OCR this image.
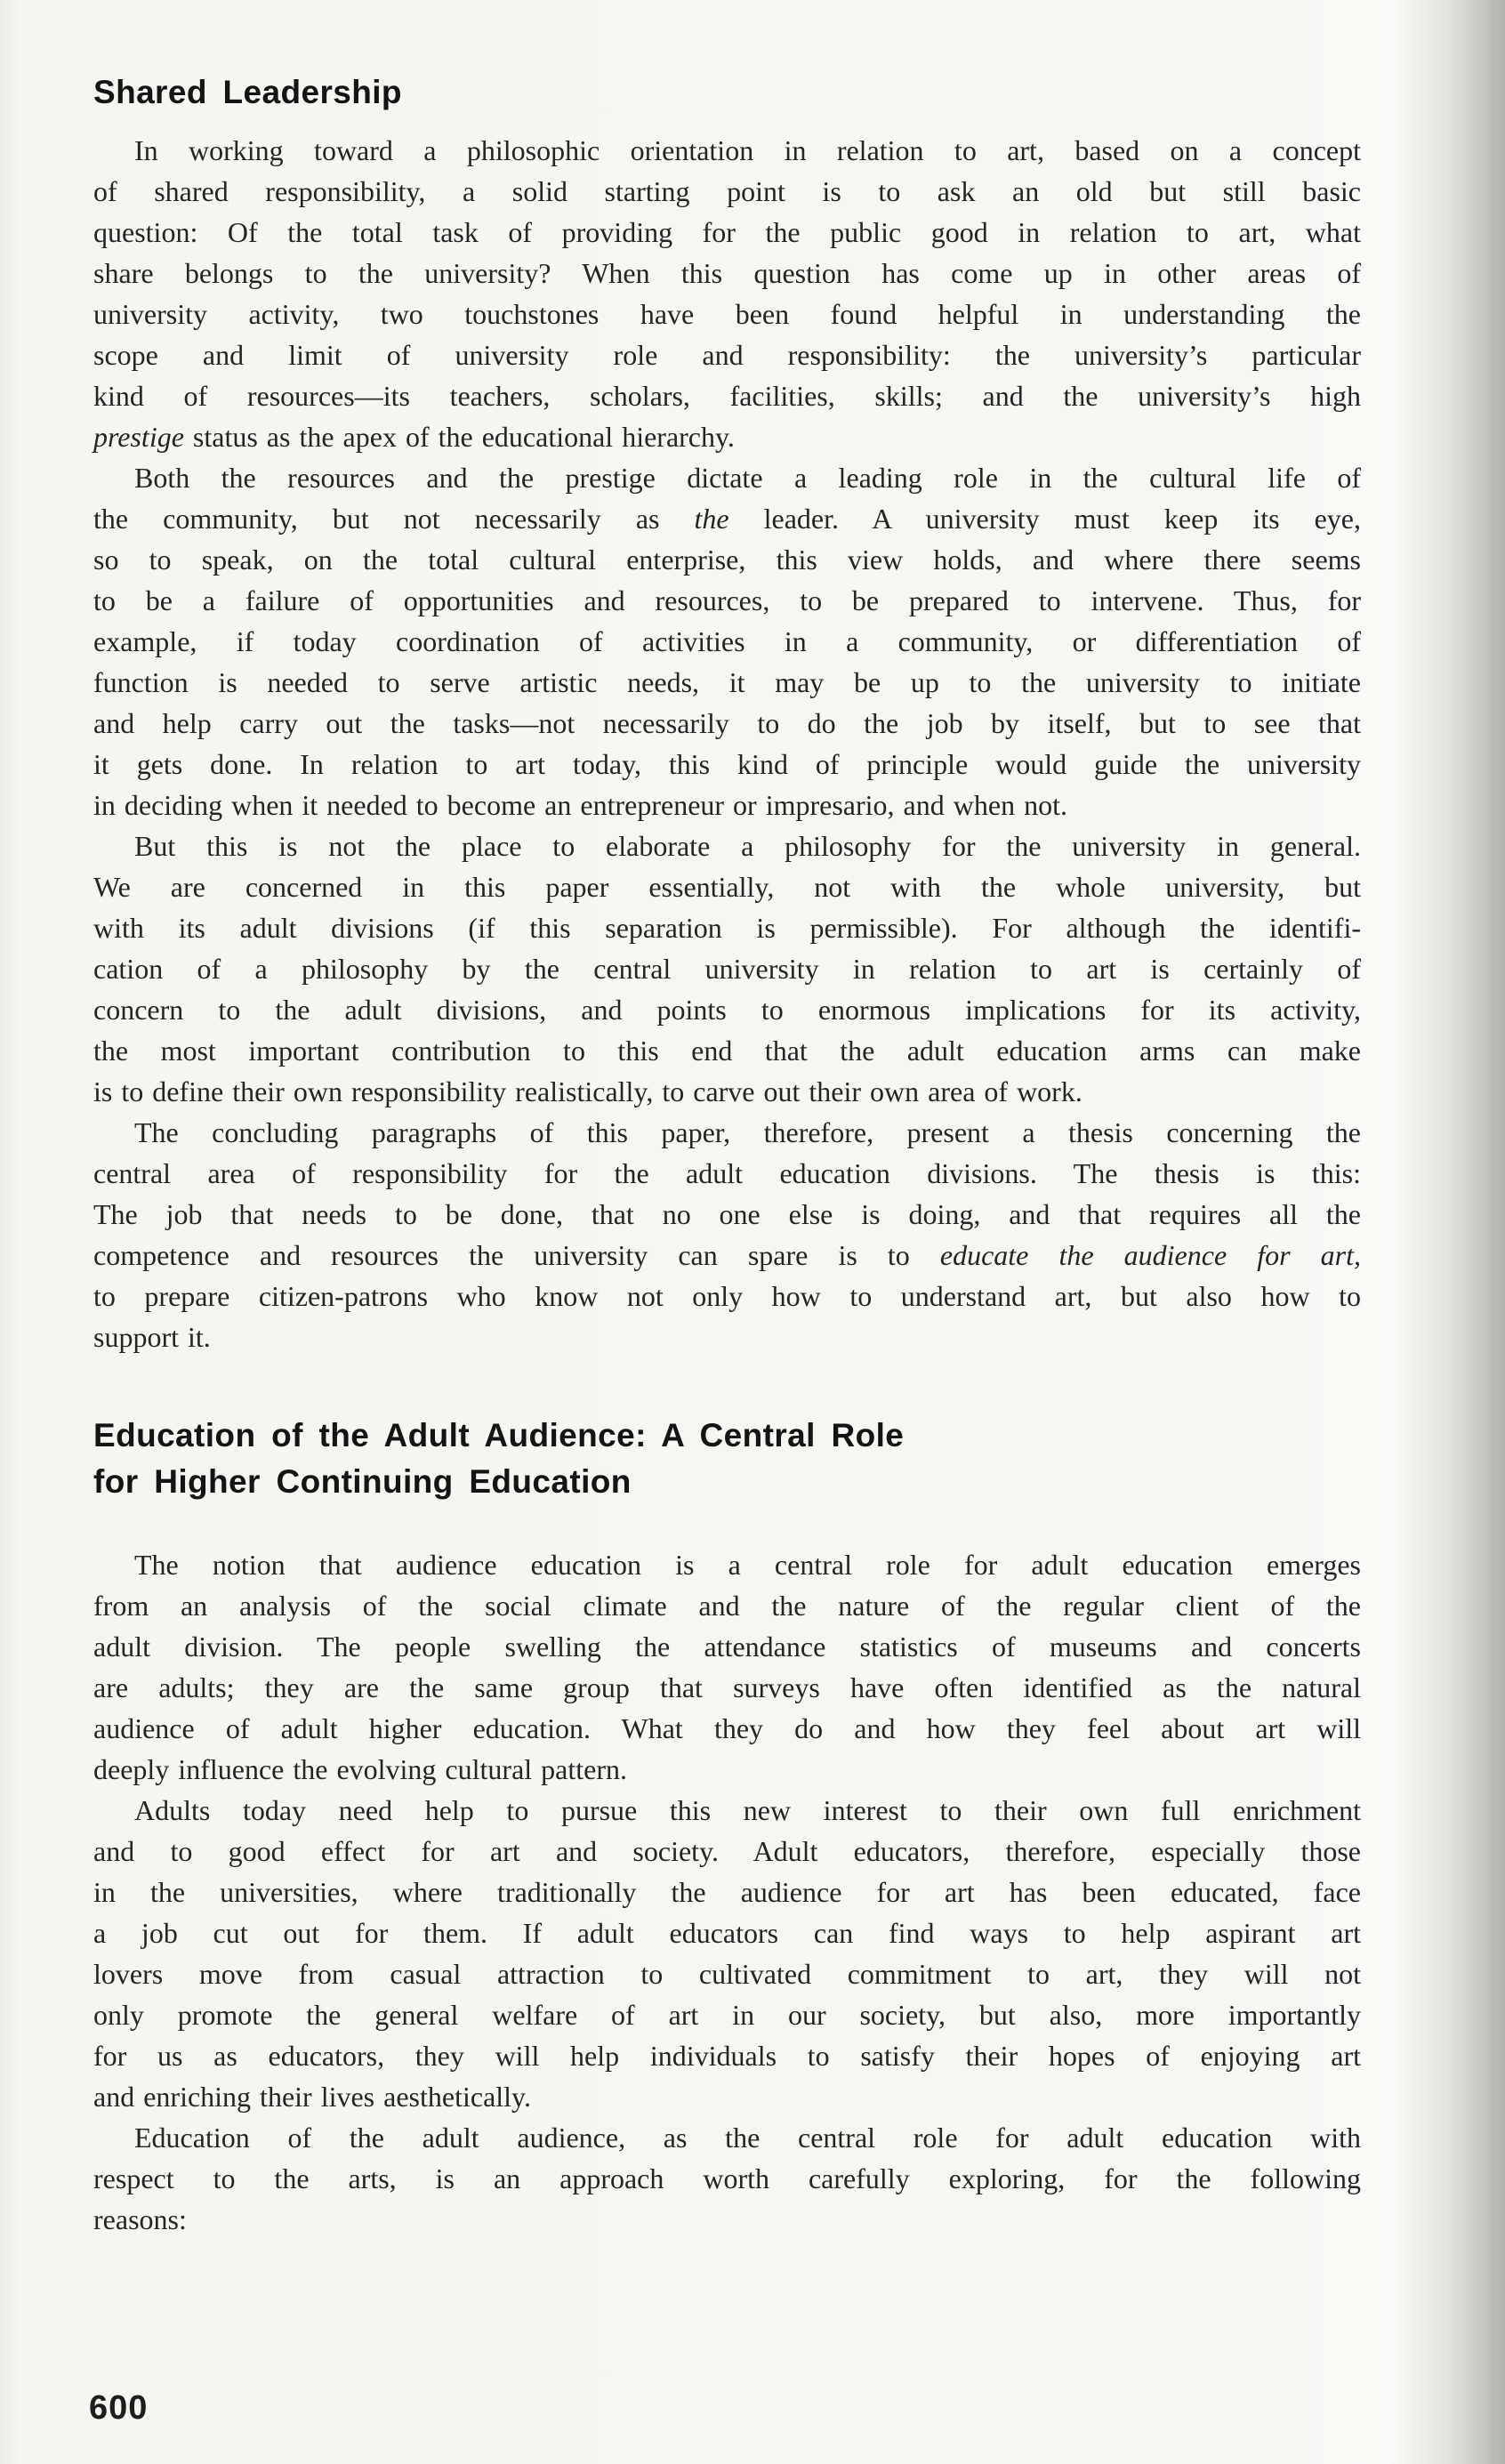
Shared Leadership

In working toward a philosophic orientation in relation to art, based on a concept
of shared responsibility, a solid starting point is to ask an old but still basic
question: Of the total task of providing for the public good in relation to art, what
share belongs to the university? When this question has come up in other areas of
university activity, two touchstones have been found helpful in understanding the
scope and limit of university role and responsibility: the university’s particular
kind of resources—its teachers, scholars, facilities, skills; and the university’s high
prestige status as the apex of the educational hierarchy.

Both the resources and the prestige dictate a leading role in the cultural life of
the community, but not necessarily as the leader. A university must keep its eye,
so to speak, on the total cultural enterprise, this view holds, and where there seems
to be a failure of opportunities and resources, to be prepared to intervene. Thus, for
example, if today coordination of activities in a community, or differentiation of
function is needed to serve artistic needs, it may be up to the university to initiate
and help carry out the tasks—not necessarily to do the job by itself, but to see that
it gets done. In relation to art today, this kind of principle would guide the university
in deciding when it needed to become an entrepreneur or impresario, and when not.

But this is not the place to elaborate a philosophy for the university in general.
We are concerned in this paper essentially, not with the whole university, but
with its adult divisions (if this separation is permissible). For although the identifi-
cation of a philosophy by the central university in relation to art is certainly of
concern to the adult divisions, and points to enormous implications for its activity,
the most important contribution to this end that the adult education arms can make
is to define their own responsibility realistically, to carve out their own area of work.

The concluding paragraphs of this paper, therefore, present a thesis concerning the
central area of responsibility for the adult education divisions. The thesis is this:
The job that needs to be done, that no one else is doing, and that requires all the
competence and resources the university can spare is to educate the audience for art,
to prepare citizen-patrons who know not only how to understand art, but also how to
support it.

Education of the Adult Audience: A Central Role
for Higher Continuing Education

The notion that audience education is a central role for adult education emerges
from an analysis of the social climate and the nature of the regular client of the
adult division. The people swelling the attendance statistics of museums and concerts
are adults; they are the same group that surveys have often identified as the natural
audience of adult higher education. What they do and how they feel about art will
deeply influence the evolving cultural pattern.

Adults today need help to pursue this new interest to their own full enrichment
and to good effect for art and society. Adult educators, therefore, especially those
in the universities, where traditionally the audience for art has been educated, face
a job cut out for them. If adult educators can find ways to help aspirant art
lovers move from casual attraction to cultivated commitment to art, they will not
only promote the general welfare of art in our society, but also, more importantly
for us as educators, they will help individuals to satisfy their hopes of enjoying art
and enriching their lives aesthetically.

Education of the adult audience, as the central role for adult education with
respect to the arts, is an approach worth carefully exploring, for the following
reasons:

600
